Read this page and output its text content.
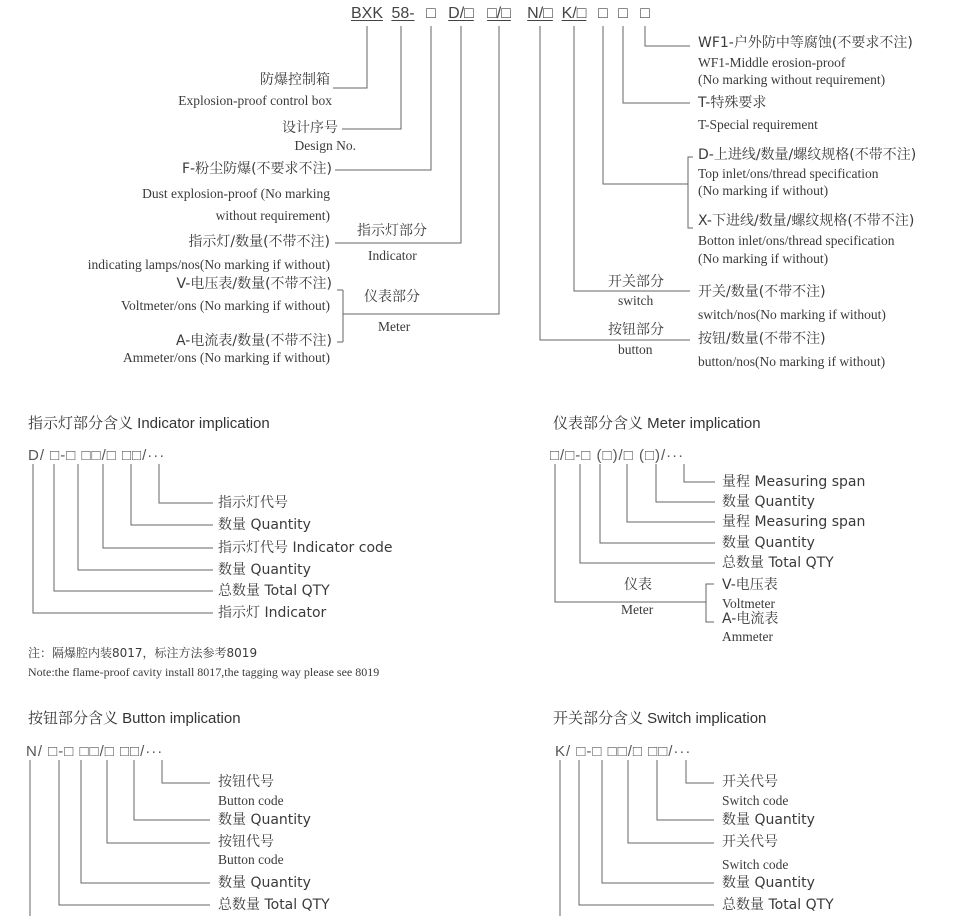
BXK 58- □ D/□ □/□ N/□ K/□ □ □ □
防爆控制箱
Explosion-proof control box
设计序号
Design No.
F-粉尘防爆(不要求不注)
Dust explosion-proof (No marking
without requirement)
指示灯/数量(不带不注)
indicating lamps/nos(No marking if without)
指示灯部分
Indicator
V-电压表/数量(不带不注)
Voltmeter/ons (No marking if without)
A-电流表/数量(不带不注)
Ammeter/ons (No marking if without)
仪表部分
Meter
WF1-户外防中等腐蚀(不要求不注)
WF1-Middle erosion-proof
(No marking without requirement)
T-特殊要求
T-Special requirement
D-上进线/数量/螺纹规格(不带不注)
Top inlet/ons/thread specification
(No marking if without)
X-下进线/数量/螺纹规格(不带不注)
Botton inlet/ons/thread specification
(No marking if without)
开关部分
switch
开关/数量(不带不注)
switch/nos(No marking if without)
按钮部分
button
按钮/数量(不带不注)
button/nos(No marking if without)
指示灯部分含义 Indicator implication
D/ □-□ □□/□ □□/···
指示灯代号
数量 Quantity
指示灯代号 Indicator code
数量 Quantity
总数量 Total QTY
指示灯 Indicator
注：隔爆腔内装8017，标注方法参考8019
Note:the flame-proof cavity install 8017,the tagging way please see 8019
仪表部分含义 Meter implication
□/□-□ (□)/□ (□)/···
量程 Measuring span
数量 Quantity
量程 Measuring span
数量 Quantity
总数量 Total QTY
仪表
Meter
V-电压表
Voltmeter
A-电流表
Ammeter
按钮部分含义 Button implication
N/ □-□ □□/□ □□/···
按钮代号
Button code
数量 Quantity
按钮代号
Button code
数量 Quantity
总数量 Total QTY
开关部分含义 Switch implication
K/ □-□ □□/□ □□/···
开关代号
Switch code
数量 Quantity
开关代号
Switch code
数量 Quantity
总数量 Total QTY
